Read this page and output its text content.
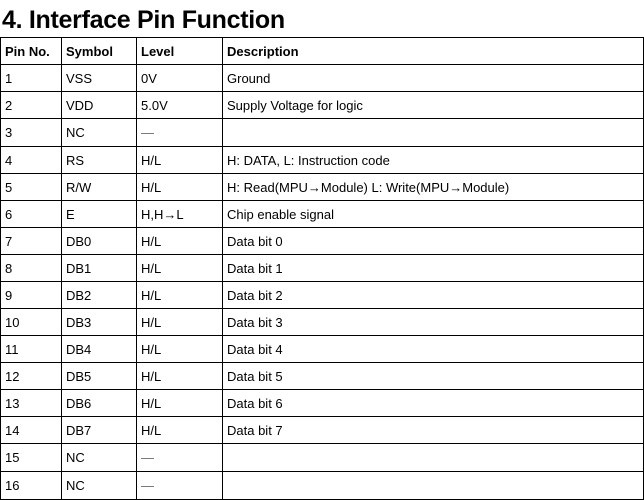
4. Interface Pin Function
Pin No.	Symbol	Level	Description
1	VSS	0V	Ground
2	VDD	5.0V	Supply Voltage for logic
3	NC	—	
4	RS	H/L	H: DATA, L: Instruction code
5	R/W	H/L	H: Read(MPU→Module) L: Write(MPU→Module)
6	E	H,H→L	Chip enable signal
7	DB0	H/L	Data bit 0
8	DB1	H/L	Data bit 1
9	DB2	H/L	Data bit 2
10	DB3	H/L	Data bit 3
11	DB4	H/L	Data bit 4
12	DB5	H/L	Data bit 5
13	DB6	H/L	Data bit 6
14	DB7	H/L	Data bit 7
15	NC	—	
16	NC	—	
